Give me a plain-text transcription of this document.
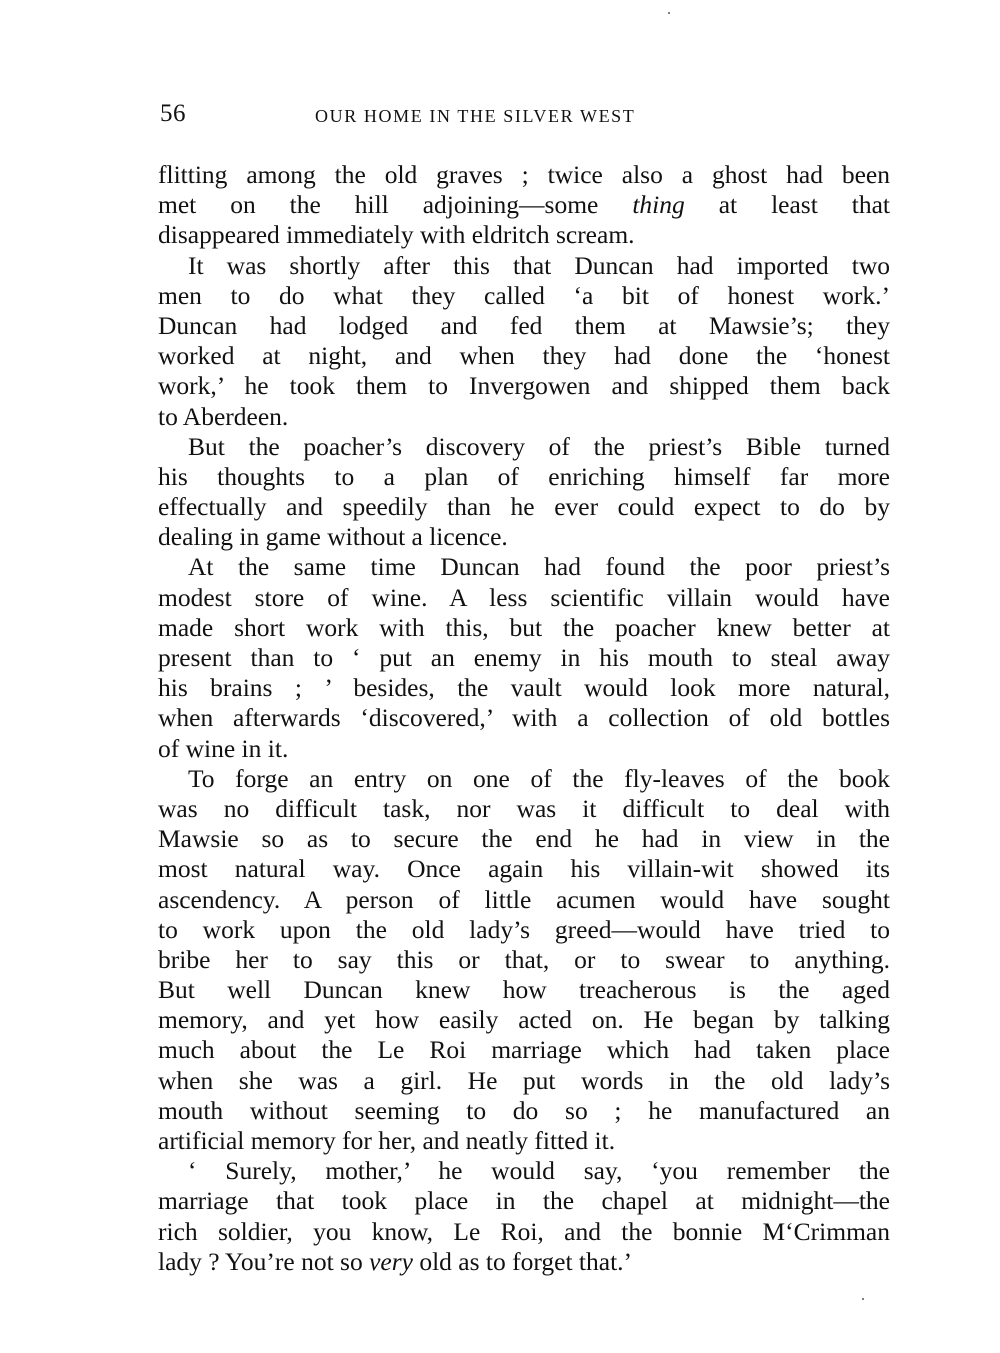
56	OUR HOME IN THE SILVER WEST
flitting among the old graves ; twice also a ghost had been
met on the hill adjoining—some thing at least that
disappeared immediately with eldritch scream.
It was shortly after this that Duncan had imported two
men to do what they called ‘a bit of honest work.’
Duncan had lodged and fed them at Mawsie’s; they
worked at night, and when they had done the ‘honest
work,’ he took them to Invergowen and shipped them back
to Aberdeen.
But the poacher’s discovery of the priest’s Bible turned
his thoughts to a plan of enriching himself far more
effectually and speedily than he ever could expect to do by
dealing in game without a licence.
At the same time Duncan had found the poor priest’s
modest store of wine. A less scientific villain would have
made short work with this, but the poacher knew better at
present than to ‘ put an enemy in his mouth to steal away
his brains ; ’ besides, the vault would look more natural,
when afterwards ‘discovered,’ with a collection of old bottles
of wine in it.
To forge an entry on one of the fly-leaves of the book
was no difficult task, nor was it difficult to deal with
Mawsie so as to secure the end he had in view in the
most natural way. Once again his villain-wit showed its
ascendency. A person of little acumen would have sought
to work upon the old lady’s greed—would have tried to
bribe her to say this or that, or to swear to anything.
But well Duncan knew how treacherous is the aged
memory, and yet how easily acted on. He began by talking
much about the Le Roi marriage which had taken place
when she was a girl. He put words in the old lady’s
mouth without seeming to do so ; he manufactured an
artificial memory for her, and neatly fitted it.
‘ Surely, mother,’ he would say, ‘you remember the
marriage that took place in the chapel at midnight—the
rich soldier, you know, Le Roi, and the bonnie M‘Crimman
lady ? You’re not so very old as to forget that.’
